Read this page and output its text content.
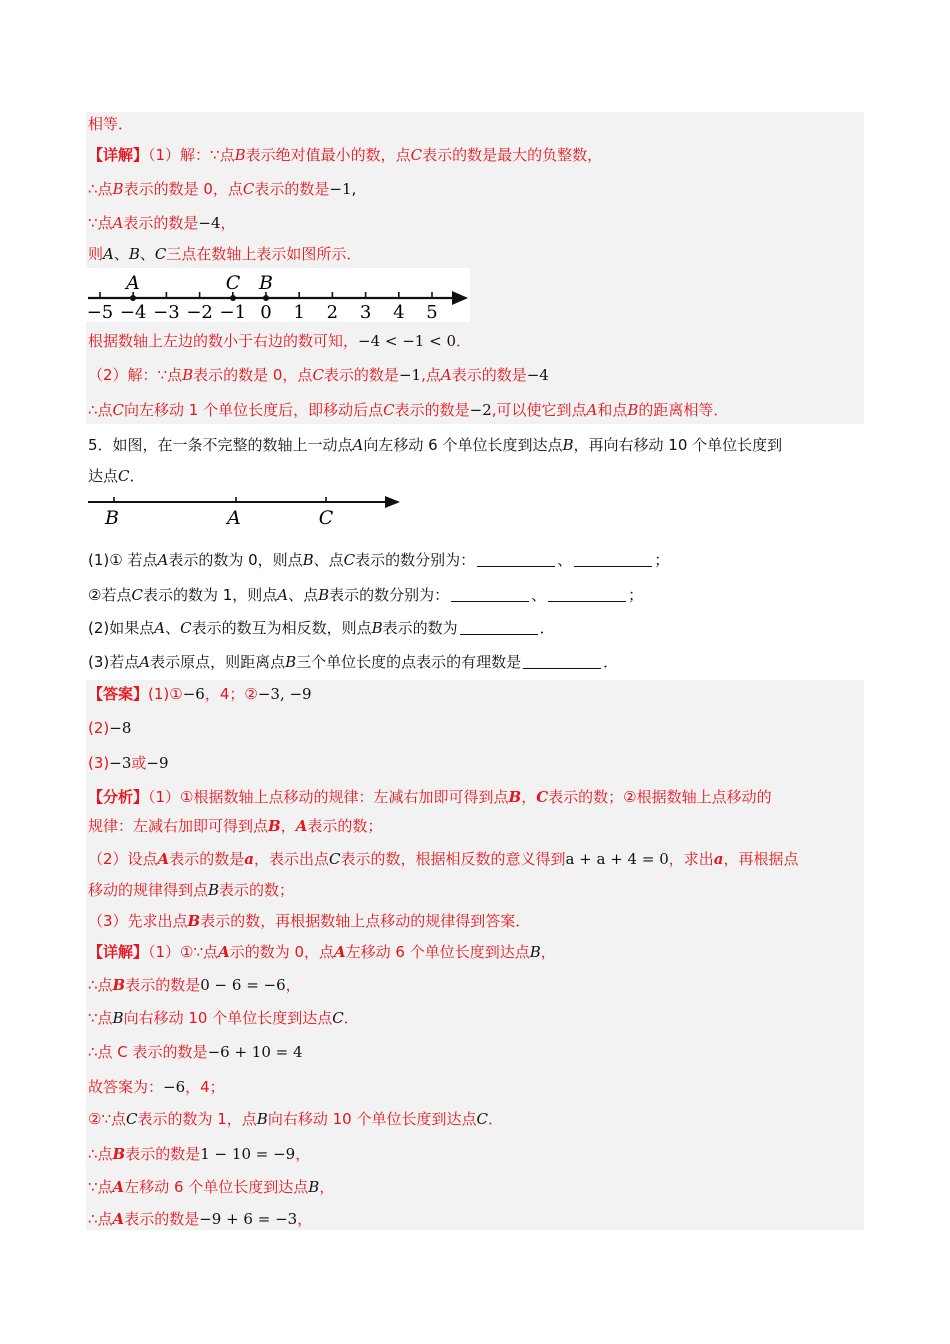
相等．
【详解】（1）解：∵点B表示绝对值最小的数，点C表示的数是最大的负整数，
∴点B表示的数是 0，点C表示的数是−1,
∵点A表示的数是−4，
则A、B、C三点在数轴上表示如图所示．
−5 −4 −3 −2 −1 0 1 2 3 4 5
A	C B
根据数轴上左边的数小于右边的数可知，−4 < −1 < 0．
（2）解：∵点B表示的数是 0，点C表示的数是−1,点A表示的数是−4
∴点C向左移动 1 个单位长度后，即移动后点C表示的数是−2,可以使它到点A和点B的距离相等．
5．如图，在一条不完整的数轴上一动点A向左移动 6 个单位长度到达点B，再向右移动 10 个单位长度到
达点C．
B	A	C
(1)① 若点A表示的数为 0，则点B、点C表示的数分别为：	、	；
②若点C表示的数为 1，则点A、点B表示的数分别为：	、	；
(2)如果点A、C表示的数互为相反数，则点B表示的数为	．
(3)若点A表示原点，则距离点B三个单位长度的点表示的有理数是	．
【答案】(1)①−6，4；②−3, −9
(2)−8
(3)−3或−9
【分析】（1）①根据数轴上点移动的规律：左减右加即可得到点B，C表示的数；②根据数轴上点移动的
规律：左减右加即可得到点B，A表示的数；
（2）设点A表示的数是a，表示出点C表示的数，根据相反数的意义得到a + a + 4 = 0，求出a，再根据点
移动的规律得到点B表示的数；
（3）先求出点B表示的数，再根据数轴上点移动的规律得到答案．
【详解】（1）①∵点A示的数为 0，点A左移动 6 个单位长度到达点B，
∴点B表示的数是0 − 6 = −6，
∵点B向右移动 10 个单位长度到达点C．
∴点 C 表示的数是−6 + 10 = 4
故答案为：−6，4；
②∵点C表示的数为 1，点B向右移动 10 个单位长度到达点C．
∴点B表示的数是1 − 10 = −9，
∵点A左移动 6 个单位长度到达点B，
∴点A表示的数是−9 + 6 = −3，
